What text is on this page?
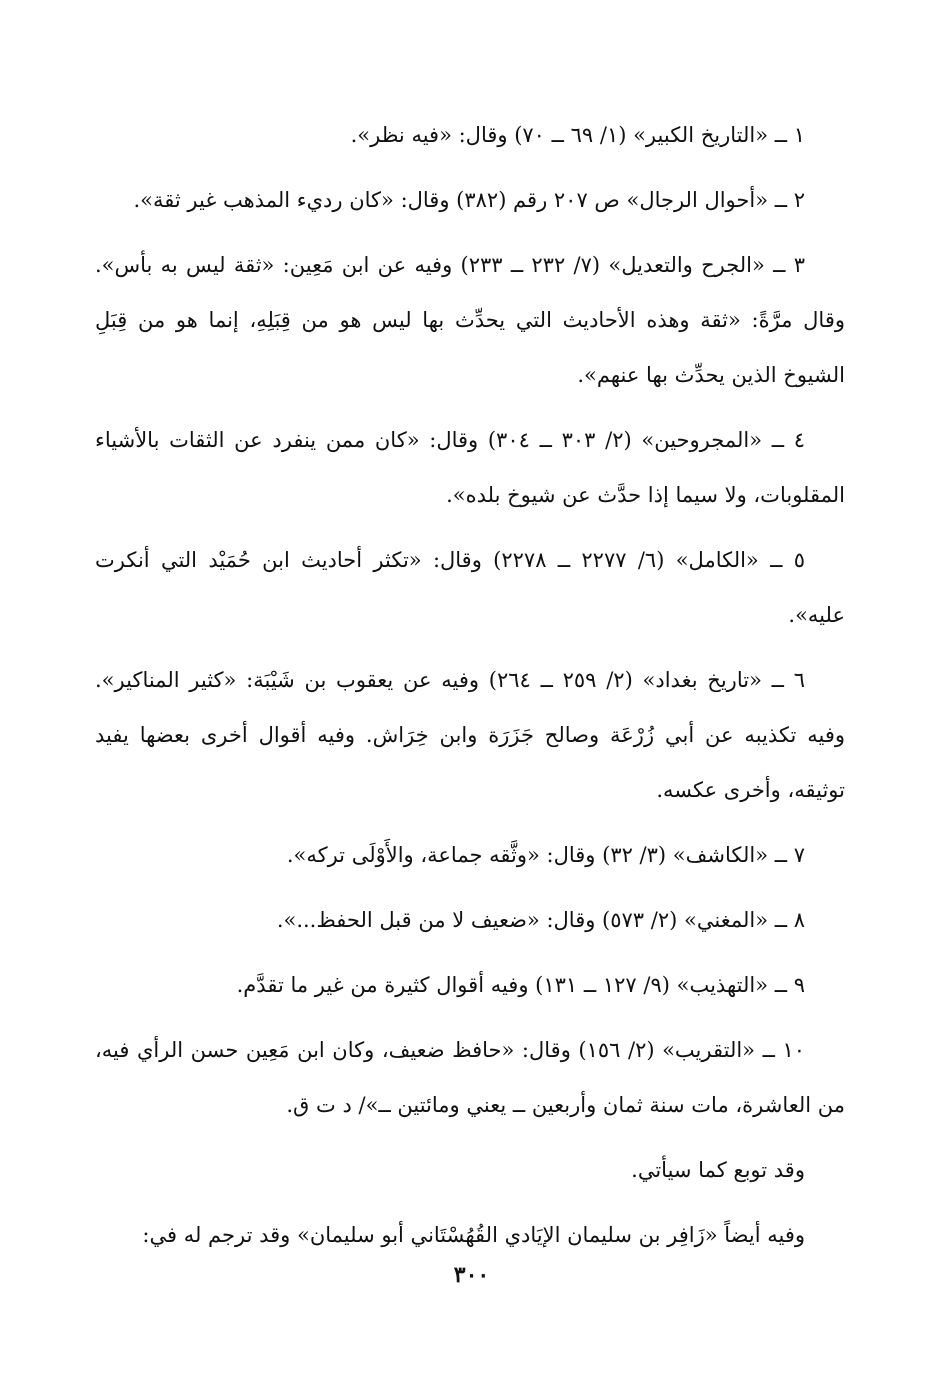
١ ــ «التاريخ الكبير» (١/ ٦٩ ــ ٧٠) وقال: «فيه نظر».

٢ ــ «أحوال الرجال» ص ٢٠٧ رقم (٣٨٢) وقال: «كان رديء المذهب غير ثقة».

٣ ــ «الجرح والتعديل» (٧/ ٢٣٢ ــ ٢٣٣) وفيه عن ابن مَعِين: «ثقة ليس به بأس». وقال مرَّةً: «ثقة وهذه الأحاديث التي يحدِّث بها ليس هو من قِبَلِهِ، إنما هو من قِبَلِ الشيوخ الذين يحدِّث بها عنهم».

٤ ــ «المجروحين» (٢/ ٣٠٣ ــ ٣٠٤) وقال: «كان ممن ينفرد عن الثقات بالأشياء المقلوبات، ولا سيما إذا حدَّث عن شيوخ بلده».

٥ ــ «الكامل» (٦/ ٢٢٧٧ ــ ٢٢٧٨) وقال: «تكثر أحاديث ابن حُمَيْد التي أنكرت عليه».

٦ ــ «تاريخ بغداد» (٢/ ٢٥٩ ــ ٢٦٤) وفيه عن يعقوب بن شَيْبَة: «كثير المناكير». وفيه تكذيبه عن أبي زُرْعَة وصالح جَزَرَة وابن خِرَاش. وفيه أقوال أخرى بعضها يفيد توثيقه، وأخرى عكسه.

٧ ــ «الكاشف» (٣/ ٣٢) وقال: «وثَّقه جماعة، والأَوْلَى تركه».

٨ ــ «المغني» (٢/ ٥٧٣) وقال: «ضعيف لا من قبل الحفظ...».

٩ ــ «التهذيب» (٩/ ١٢٧ ــ ١٣١) وفيه أقوال كثيرة من غير ما تقدَّم.

١٠ ــ «التقريب» (٢/ ١٥٦) وقال: «حافظ ضعيف، وكان ابن مَعِين حسن الرأي فيه، من العاشرة، مات سنة ثمان وأربعين ــ يعني ومائتين ــ»/ د ت ق.

وقد توبع كما سيأتي.

وفيه أيضاً «زَافِر بن سليمان الإيَادي القُهُسْتَاني أبو سليمان» وقد ترجم له في:

٣٠٠
